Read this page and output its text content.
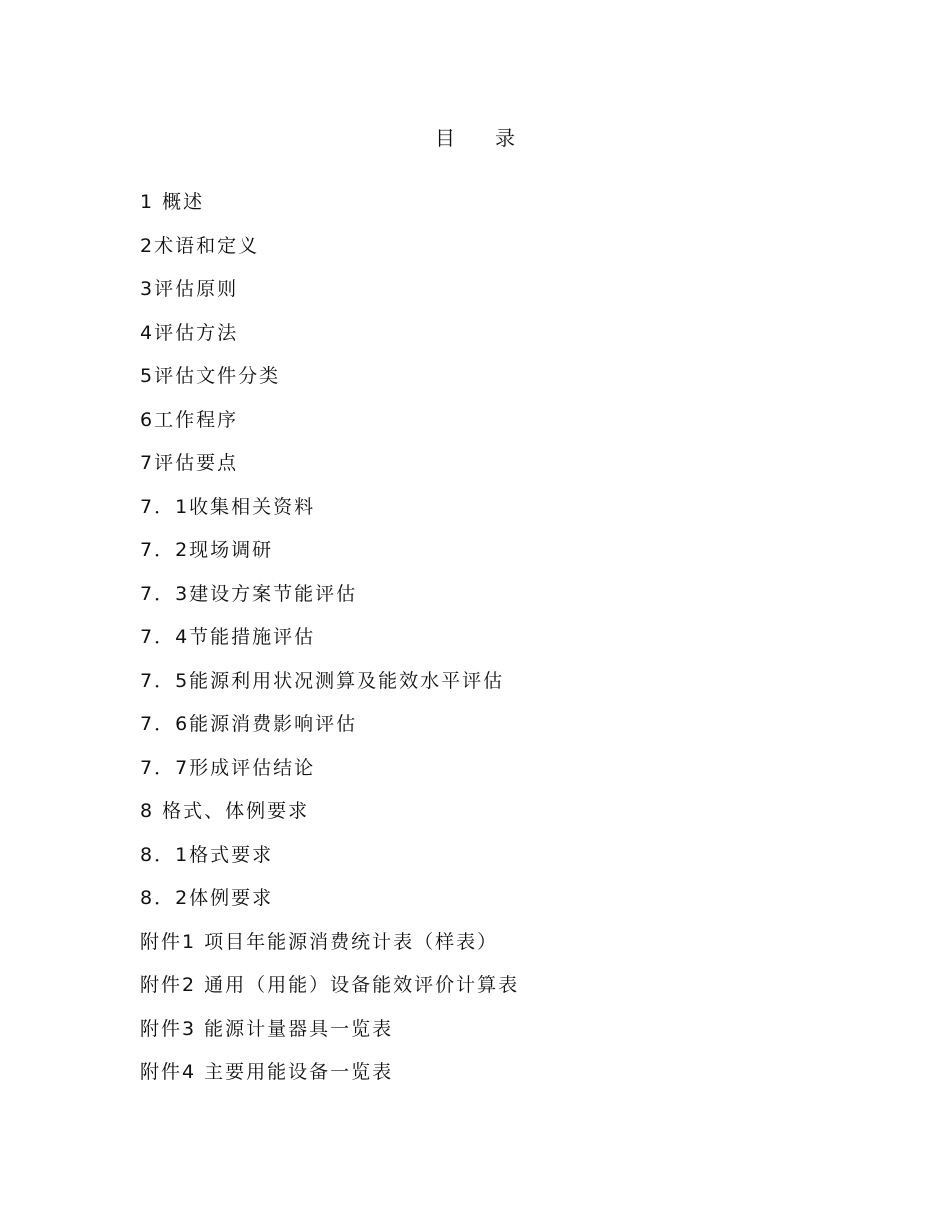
目 录
1 概述
2术语和定义
3评估原则
4评估方法
5评估文件分类
6工作程序
7评估要点
7．1收集相关资料
7．2现场调研
7．3建设方案节能评估
7．4节能措施评估
7．5能源利用状况测算及能效水平评估
7．6能源消费影响评估
7．7形成评估结论
8 格式、体例要求
8．1格式要求
8．2体例要求
附件1 项目年能源消费统计表（样表）
附件2 通用（用能）设备能效评价计算表
附件3 能源计量器具一览表
附件4 主要用能设备一览表
